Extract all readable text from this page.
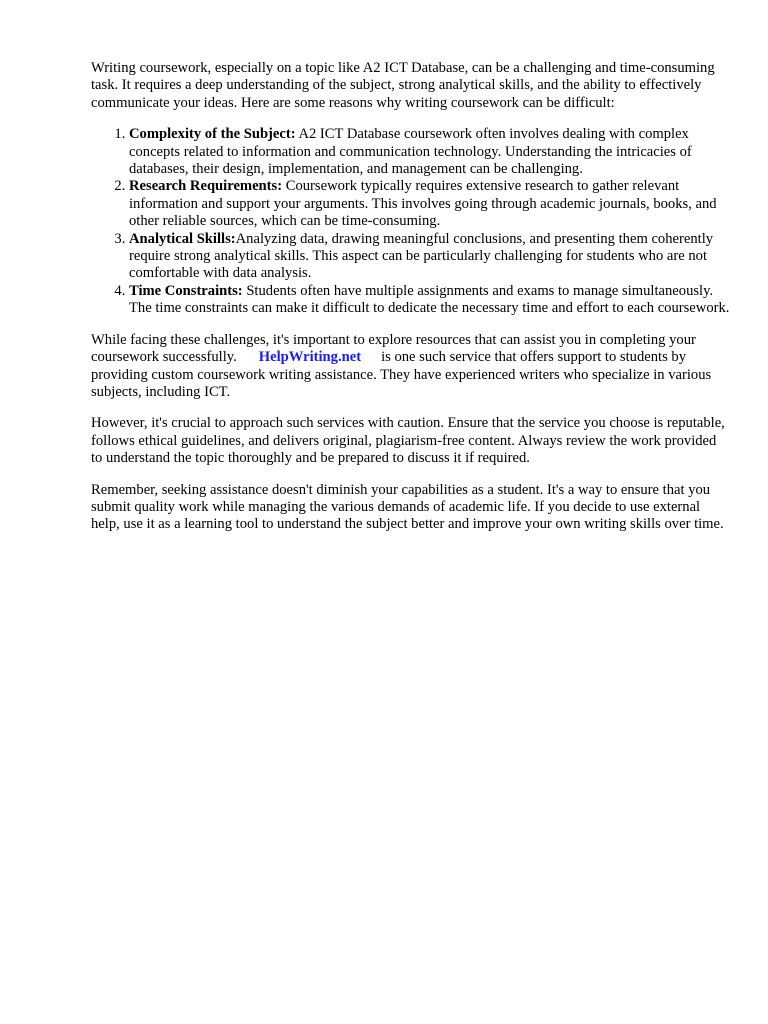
Writing coursework, especially on a topic like A2 ICT Database, can be a challenging and time-consuming task. It requires a deep understanding of the subject, strong analytical skills, and the ability to effectively communicate your ideas. Here are some reasons why writing coursework can be difficult:

1. Complexity of the Subject: A2 ICT Database coursework often involves dealing with complex concepts related to information and communication technology. Understanding the intricacies of databases, their design, implementation, and management can be challenging.
2. Research Requirements: Coursework typically requires extensive research to gather relevant information and support your arguments. This involves going through academic journals, books, and other reliable sources, which can be time-consuming.
3. Analytical Skills:Analyzing data, drawing meaningful conclusions, and presenting them coherently require strong analytical skills. This aspect can be particularly challenging for students who are not comfortable with data analysis.
4. Time Constraints: Students often have multiple assignments and exams to manage simultaneously. The time constraints can make it difficult to dedicate the necessary time and effort to each coursework.

While facing these challenges, it's important to explore resources that can assist you in completing your coursework successfully. HelpWriting.net is one such service that offers support to students by providing custom coursework writing assistance. They have experienced writers who specialize in various subjects, including ICT.

However, it's crucial to approach such services with caution. Ensure that the service you choose is reputable, follows ethical guidelines, and delivers original, plagiarism-free content. Always review the work provided to understand the topic thoroughly and be prepared to discuss it if required.

Remember, seeking assistance doesn't diminish your capabilities as a student. It's a way to ensure that you submit quality work while managing the various demands of academic life. If you decide to use external help, use it as a learning tool to understand the subject better and improve your own writing skills over time.
